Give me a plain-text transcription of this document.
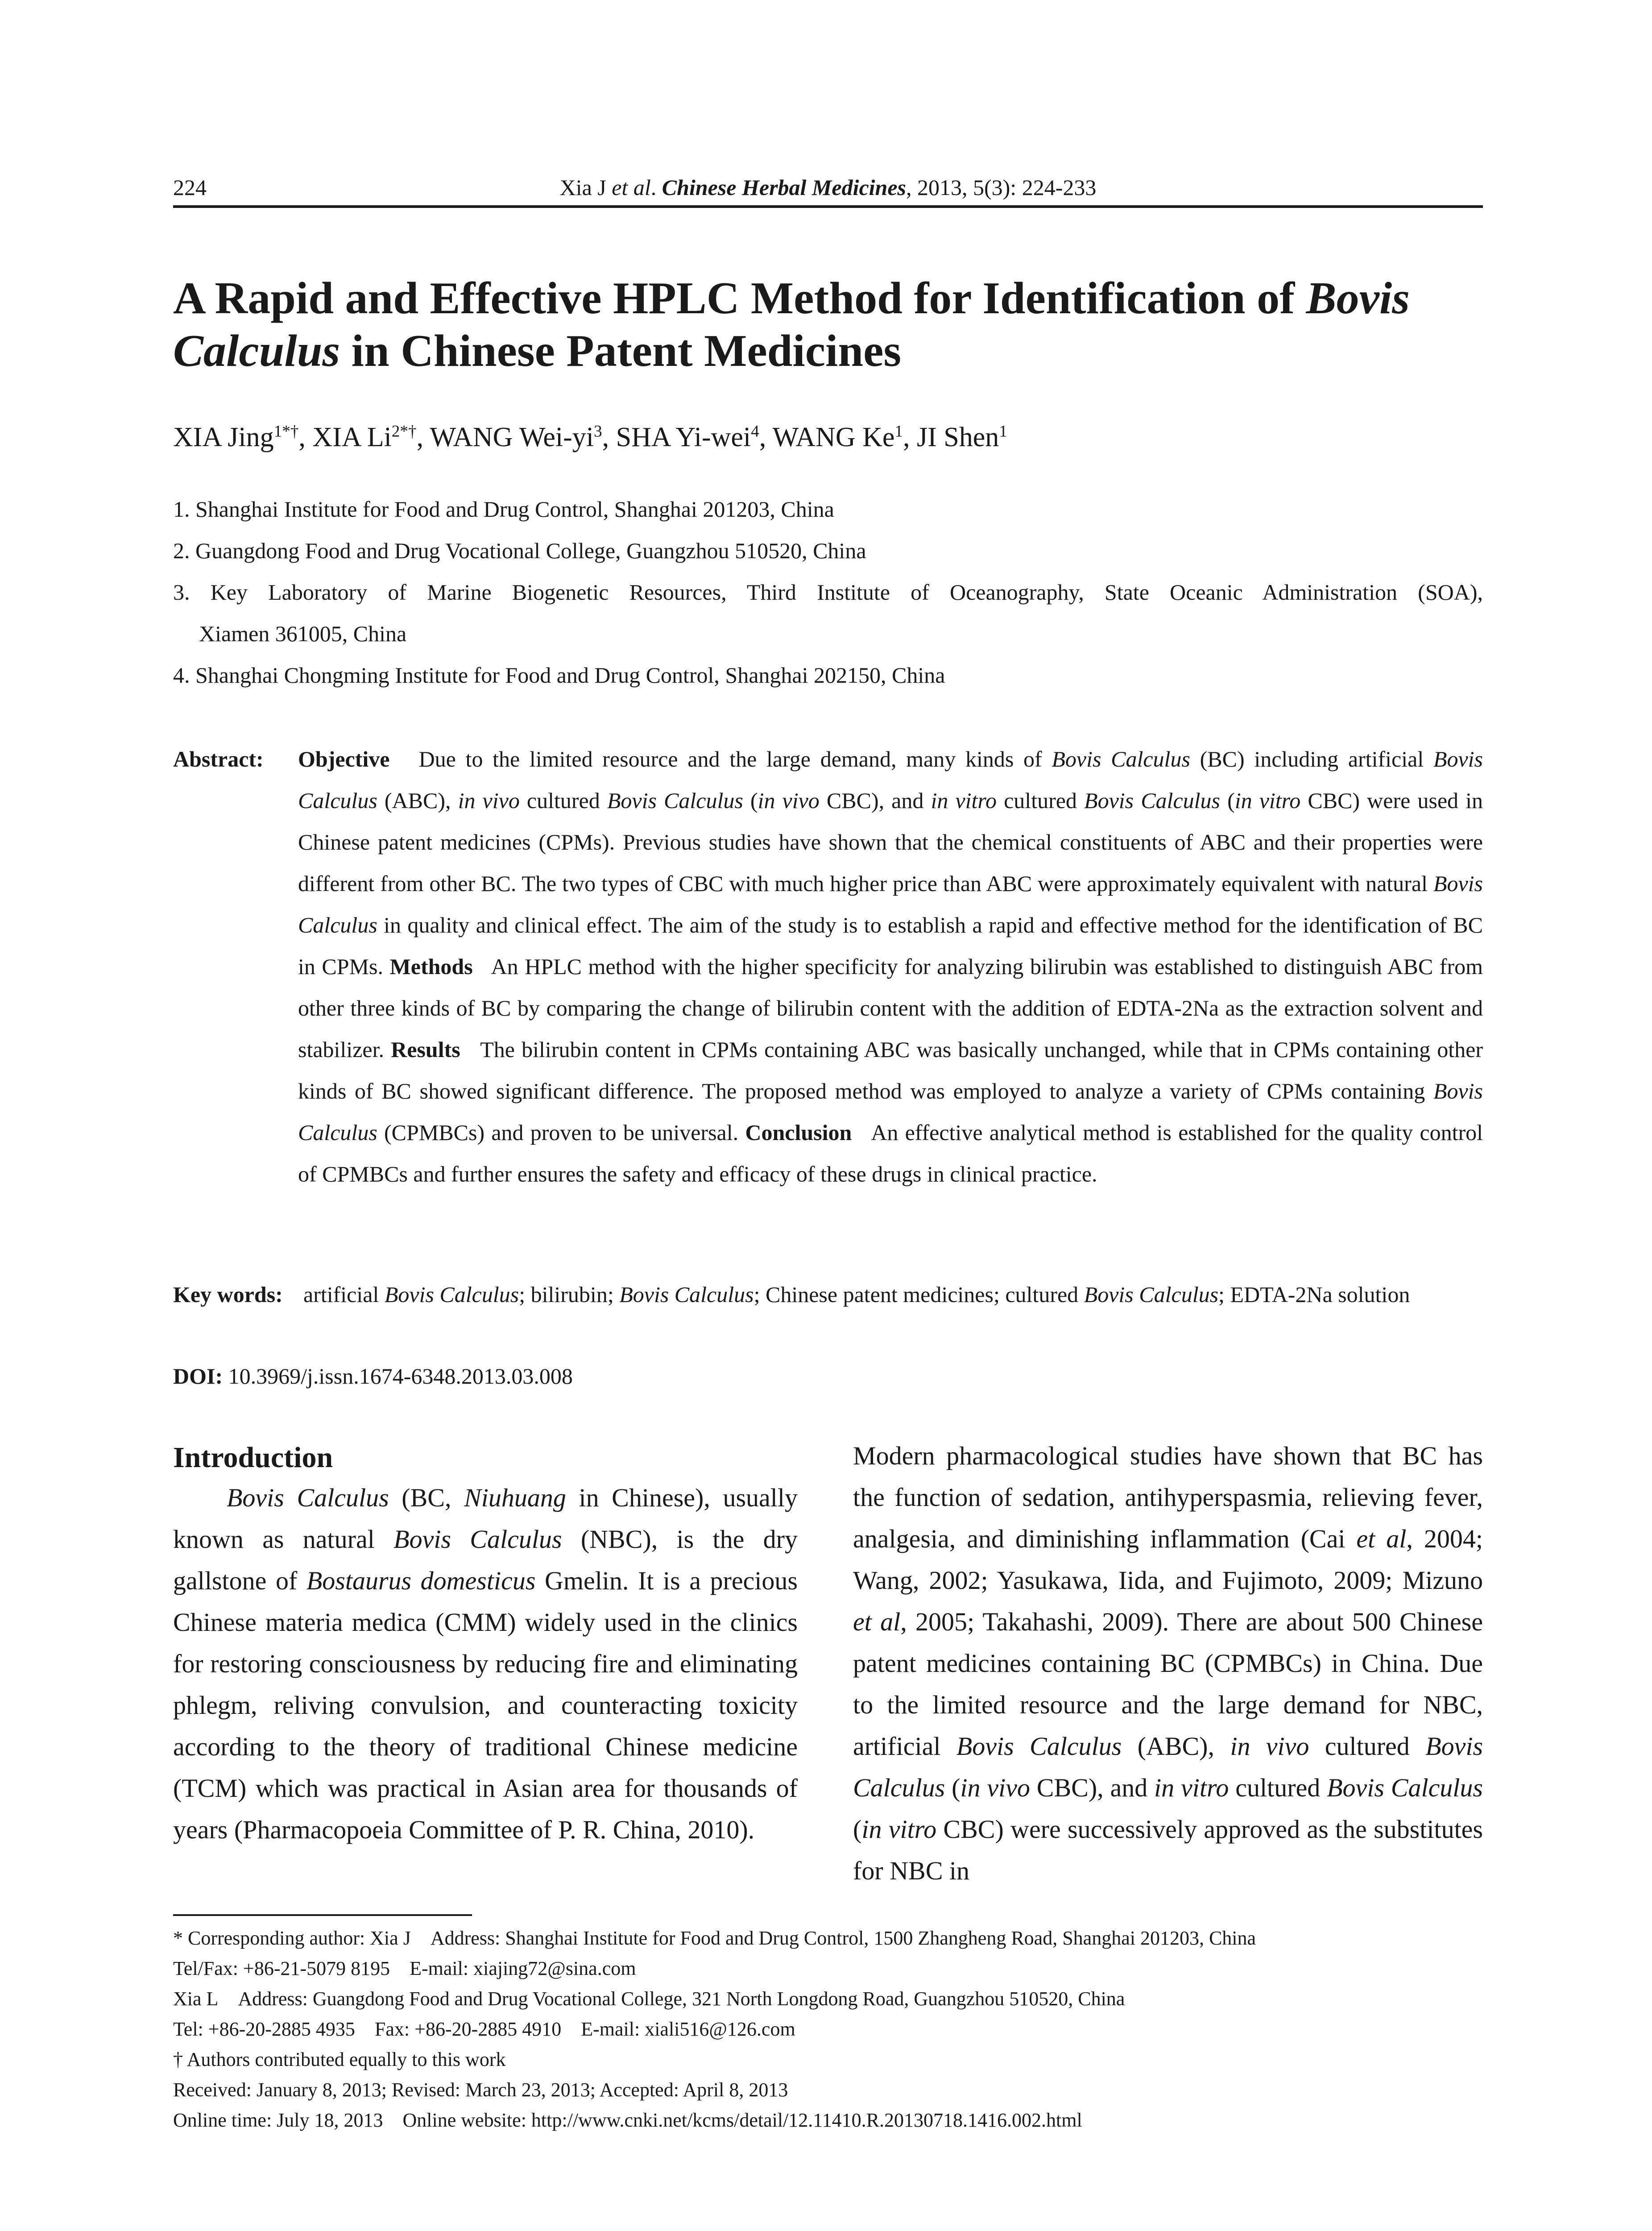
224	Xia J et al. Chinese Herbal Medicines, 2013, 5(3): 224-233
A Rapid and Effective HPLC Method for Identification of Bovis Calculus in Chinese Patent Medicines
XIA Jing$^{1*\dagger}$, XIA $Li^{2*\dagger}$, WANG Wei-$yi^3$, SHA Yi-wei$^4$, WANG Ke$^1$, JI Shen$^1$
1. Shanghai Institute for Food and Drug Control, Shanghai 201203, China
2. Guangdong Food and Drug Vocational College, Guangzhou 510520, China
3. Key Laboratory of Marine Biogenetic Resources, Third Institute of Oceanography, State Oceanic Administration (SOA),
Xiamen 361005, China
4. Shanghai Chongming Institute for Food and Drug Control, Shanghai 202150, China
Abstract: Objective Due to the limited resource and the large demand, many kinds of Bovis Calculus (BC) including artificial Bovis Calculus (ABC), in vivo cultured Bovis Calculus (in vivo CBC), and in vitro cultured Bovis Calculus (in vitro CBC) were used in Chinese patent medicines (CPMs). Previous studies have shown that the chemical constituents of ABC and their properties were different from other BC. The two types of CBC with much higher price than ABC were approximately equivalent with natural Bovis Calculus in quality and clinical effect. The aim of the study is to establish a rapid and effective method for the identification of BC in CPMs. Methods An HPLC method with the higher specificity for analyzing bilirubin was established to distinguish ABC from other three kinds of BC by comparing the change of bilirubin content with the addition of EDTA-2Na as the extraction solvent and stabilizer. Results The bilirubin content in CPMs containing ABC was basically unchanged, while that in CPMs containing other kinds of BC showed significant difference. The proposed method was employed to analyze a variety of CPMs containing Bovis Calculus (CPMBCs) and proven to be universal. Conclusion An effective analytical method is established for the quality control of CPMBCs and further ensures the safety and efficacy of these drugs in clinical practice.
Key words: artificial Bovis Calculus; bilirubin; Bovis Calculus; Chinese patent medicines; cultured Bovis Calculus; EDTA-2Na solution
DOI: 10.3969/j.issn.1674-6348.2013.03.008
Introduction

Bovis Calculus (BC, Niuhuang in Chinese), usually known as natural Bovis Calculus (NBC), is the dry gallstone of Bostaurus domesticus Gmelin. It is a precious Chinese materia medica (CMM) widely used in the clinics for restoring consciousness by reducing fire and eliminating phlegm, reliving convulsion, and counteracting toxicity according to the theory of traditional Chinese medicine (TCM) which was practical in Asian area for thousands of years (Pharmacopoeia Committee of P. R. China, 2010).

Modern pharmacological studies have shown that BC has the function of sedation, antihyperspasmia, relieving fever, analgesia, and diminishing inflammation (Cai et al, 2004; Wang, 2002; Yasukawa, Iida, and Fujimoto, 2009; Mizuno et al, 2005; Takahashi, 2009). There are about 500 Chinese patent medicines containing BC (CPMBCs) in China. Due to the limited resource and the large demand for NBC, artificial Bovis Calculus (ABC), in vivo cultured Bovis Calculus (in vivo CBC), and in vitro cultured Bovis Calculus (in vitro CBC) were successively approved as the substitutes for NBC in

* Corresponding author: Xia J Address: Shanghai Institute for Food and Drug Control, 1500 Zhangheng Road, Shanghai 201203, China
Tel/Fax: +86-21-5079 8195 E-mail: xiajing72@sina.com
Xia L Address: Guangdong Food and Drug Vocational College, 321 North Longdong Road, Guangzhou 510520, China
Tel: +86-20-2885 4935 Fax: +86-20-2885 4910 E-mail: xiali516@126.com
† Authors contributed equally to this work
Received: January 8, 2013; Revised: March 23, 2013; Accepted: April 8, 2013
Online time: July 18, 2013 Online website: http://www.cnki.net/kcms/detail/12.11410.R.20130718.1416.002.html
